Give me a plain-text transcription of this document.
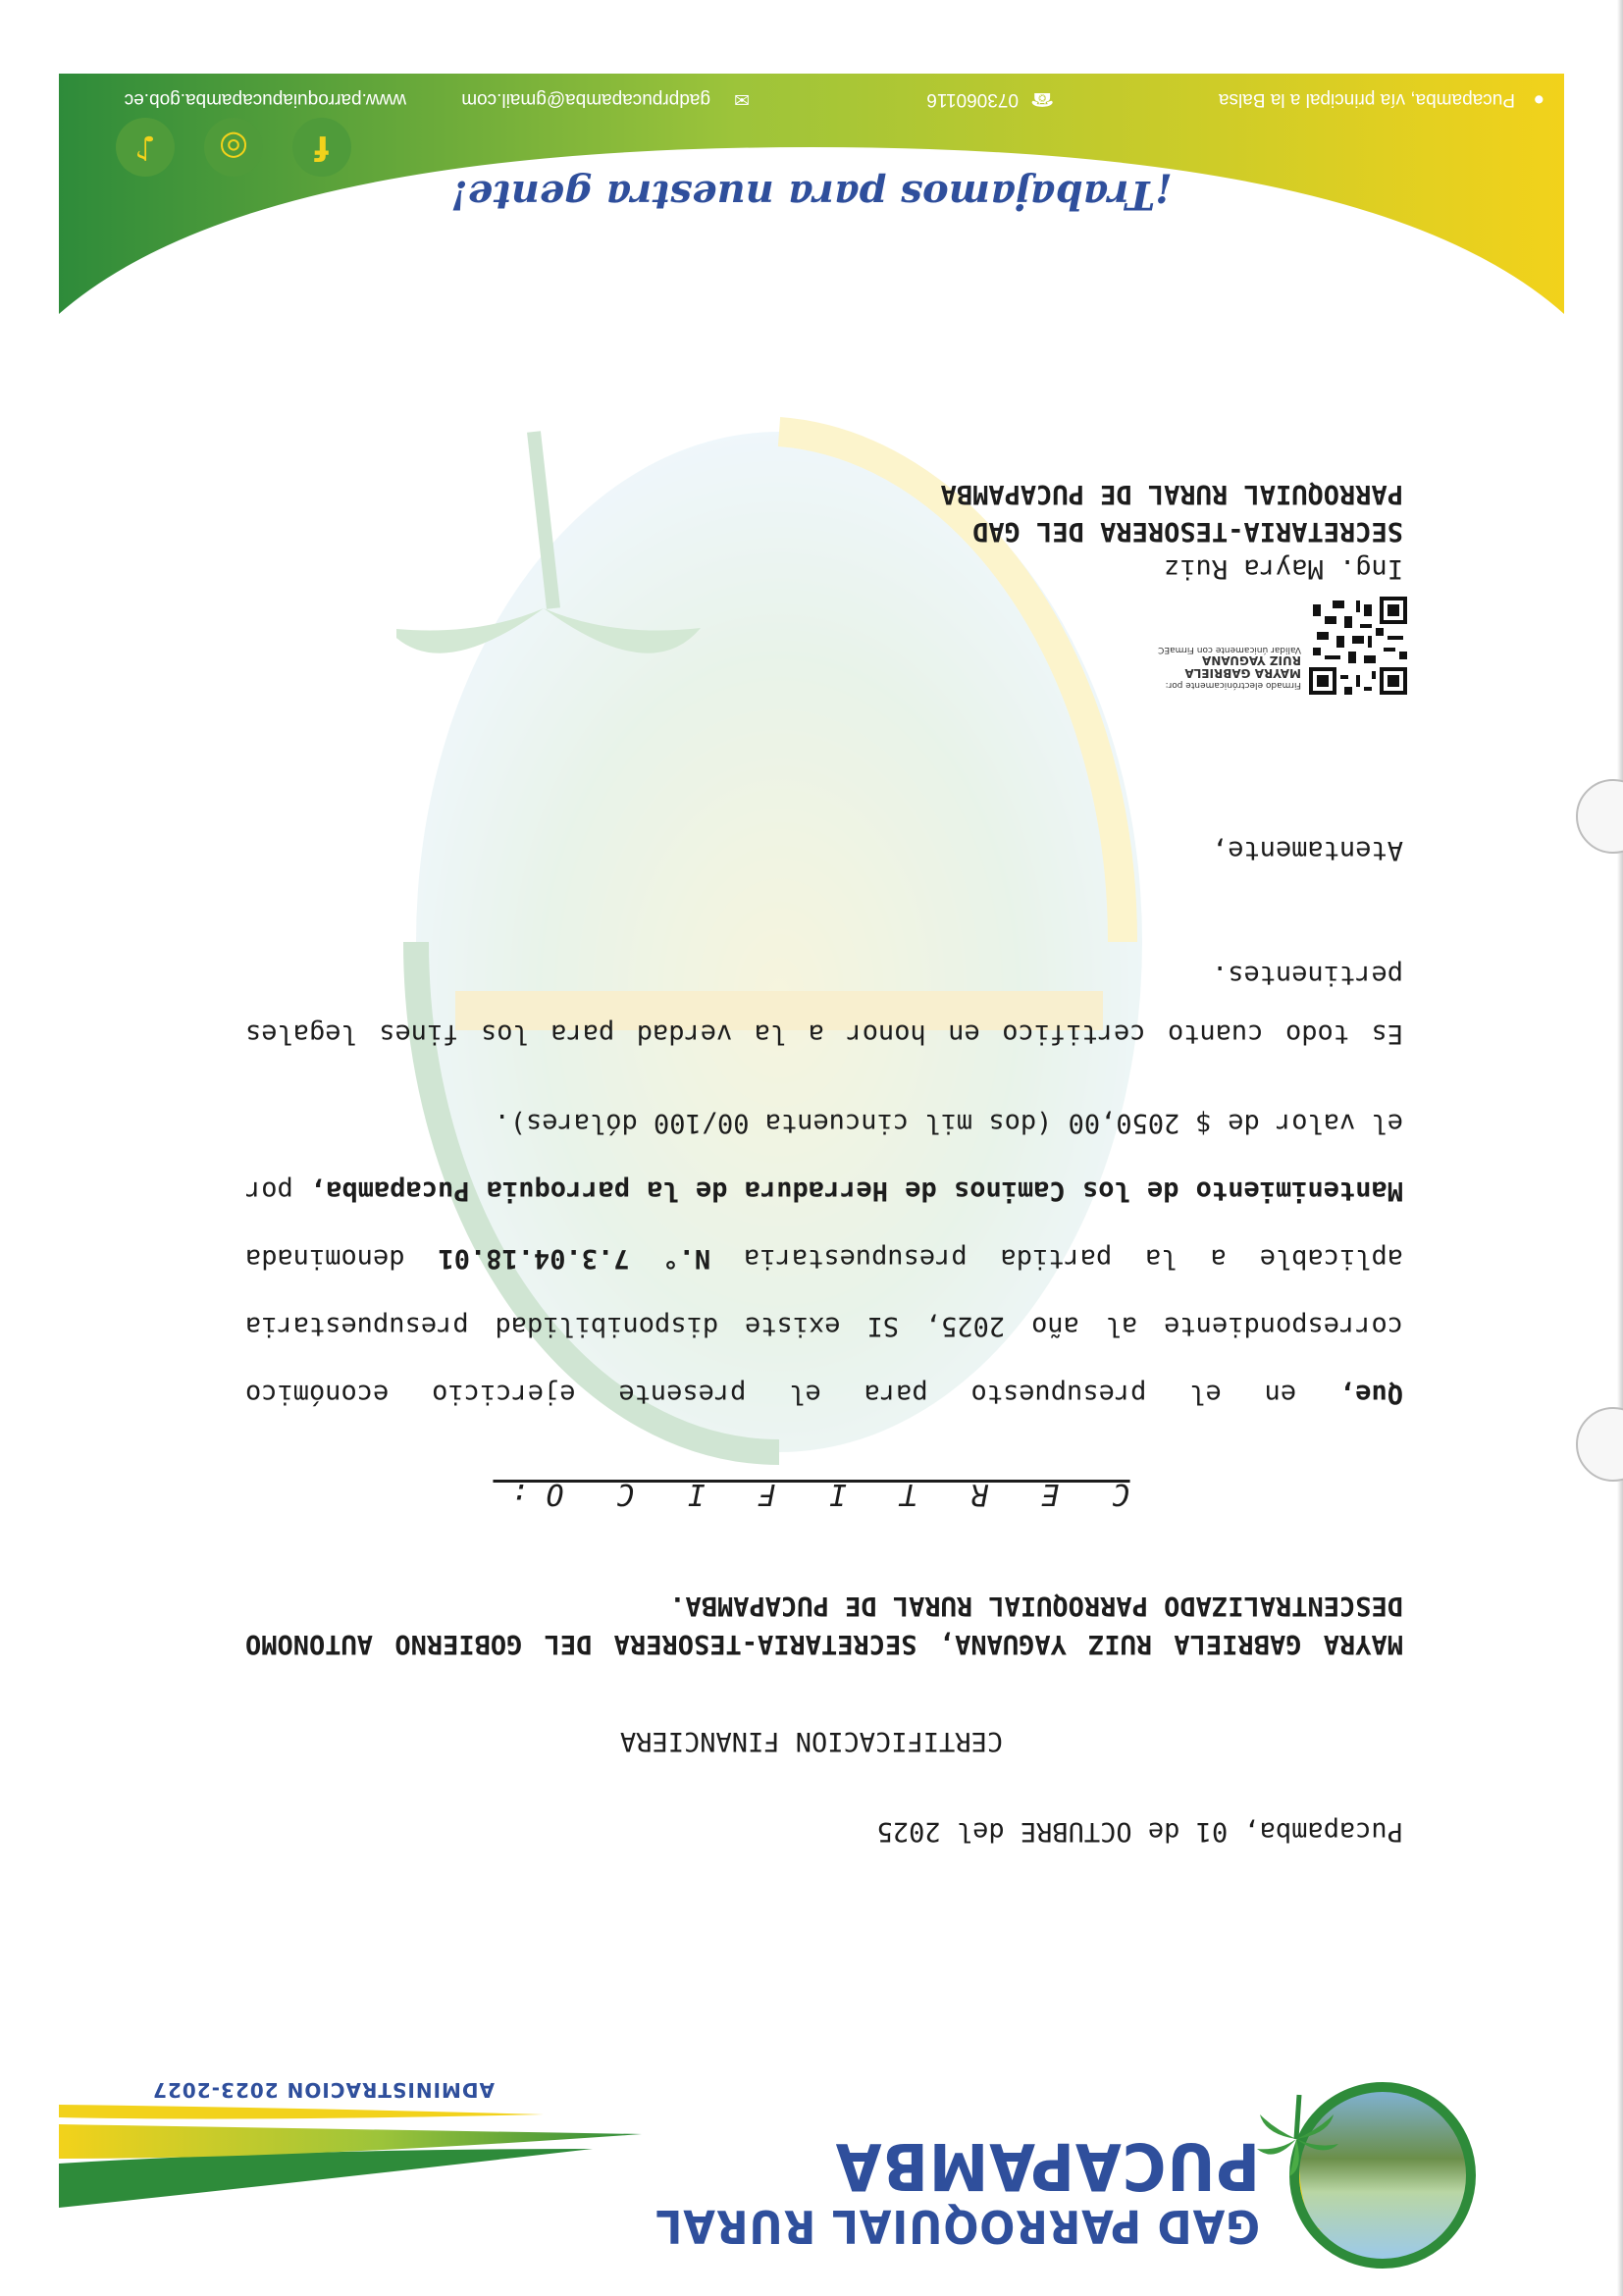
GAD PARROQUIAL RURAL
PUCAPAMBA
ADMINISTRACION 2023-2027
Pucapamba, 01 de OCTUBRE del 2025
CERTIFICACION FINANCIERA
MAYRA GABRIELA RUIZ YAGUANA, SECRETARIA-TESORERA DEL GOBIERNO AUTONOMO DESCENTRALIZADO PARROQUIAL RURAL DE PUCAPAMBA.
C E R T I F I C O:
Que, en el presupuesto para el presente ejercicio económico correspondiente al año 2025, SI existe disponibilidad presupuestaria aplicable a la partida presupuestaria N.° 7.3.04.18.01 denominada Mantenimiento de los Caminos de Herradura de la parroquia Pucapamba, por el valor de $ 2050,00 (dos mil cincuenta 00/100 dólares).
Es todo cuanto certifico en honor a la verdad para los fines legales pertinentes.
Atentamente,
Firmado electrónicamente por:
MAYRA GABRIELA
RUIZ YAGUANA
Validar únicamente con FirmaEC
Ing. Mayra Ruiz
SECRETARIA-TESORERA DEL GAD
PARROQUIAL RURAL DE PUCAPAMBA
¡Trabajamos para nuestra gente!
f
◎
♪
●
Pucapamba, vía principal a la Balsa
☎
073060116
✉
gadprpucapamba@gmail.com
www.parroquiapucapamba.gob.ec
